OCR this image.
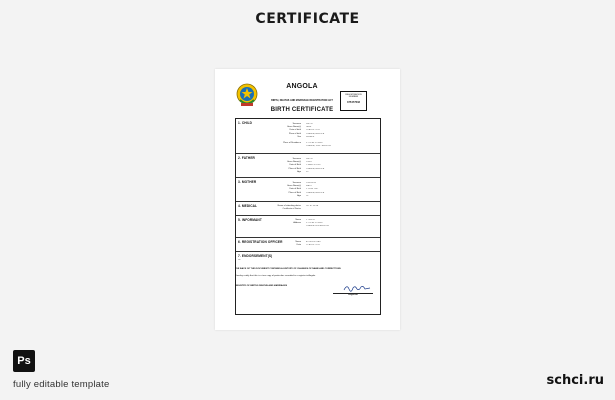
CERTIFICATE
ANGOLA
BIRTH, DEATHS AND MARRIAGE REGISTRATION ACT
BIRTH CERTIFICATE
REGISTRATION
NUMBER
375477633
1. CHILD	Surname SMITH
Given Name(s) JANE
Date of birth 10 APRIL 2015
Place of birth LUANDA, ANGOLA
Sex FEMALE
Place of Residence 3 LOCAL STREET
LUANDA, 1000 - ANGOLA
2. FATHER	Surname SMITH
Given Name(s) JOHN
Date of Birth 1 MARCH 1985
Place of Birth LUANDA, ANGOLA
Age 30
3. MOTHER	Surname JOHNSON
Given Name(s) MARY
Date of Birth 5 JUNE 1987
Place of Birth LUANDA, ANGOLA
Age 28
4. MEDICAL	Name of attending doctor DR. A. SILVA
Certificate of Doctor
5. INFORMANT	Name J. SMITH
Address 3 LOCAL STREET
LUANDA 1000 ANGOLA
6. REGISTRATION OFFICER	Name A. REGISTRAR
Date 12 APRIL 2015
7. ENDORSEMENT(S)
Nil
THE BACK OF THIS DOCUMENT CONTAINS A HISTORY OF CHANGES OF NAME AND CORRECTIONS
I hereby certify that this is a true copy of particulars recorded in a register in Angola
REGISTRY OF BIRTHS DEATHS AND MARRIAGES
Registrar
Ps
fully editable template	schci.ru
